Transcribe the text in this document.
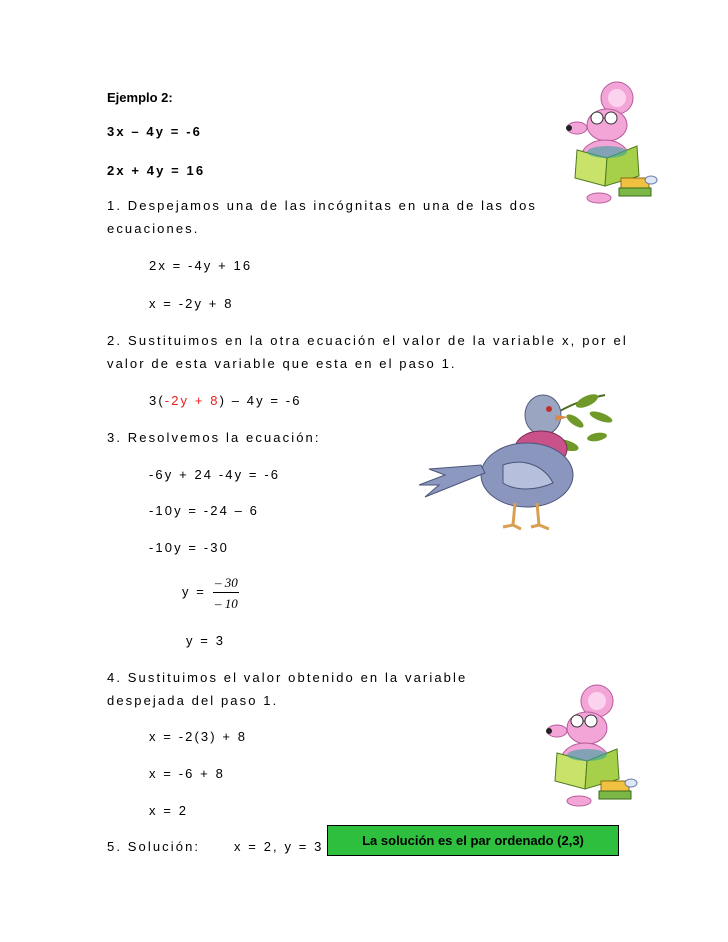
Ejemplo 2:
3x – 4y = -6
2x + 4y = 16
1. Despejamos una de las incógnitas en una de las dos
ecuaciones.
2x = -4y + 16
x = -2y + 8
2. Sustituimos en la otra ecuación el valor de la variable x, por el
valor de esta variable que esta en el paso 1.
3(-2y + 8) – 4y = -6
3. Resolvemos la ecuación:
-6y + 24 -4y = -6
-10y = -24 – 6
-10y = -30
y =
– 30
– 10
y = 3
4. Sustituimos el valor obtenido en la variable
despejada del paso 1.
x = -2(3) + 8
x = -6 + 8
x = 2
5. Solución:	x = 2, y = 3	La solución es el par ordenado (2,3)
